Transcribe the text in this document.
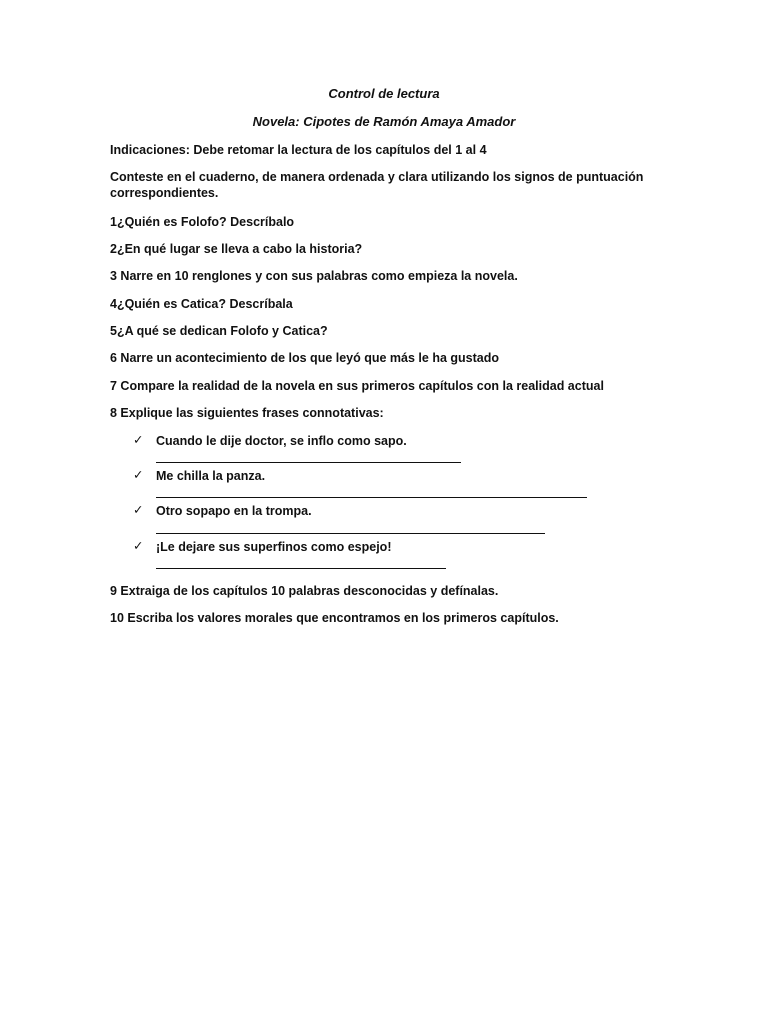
Control de lectura
Novela: Cipotes de Ramón Amaya Amador
Indicaciones: Debe retomar la lectura de los capítulos del 1 al 4
Conteste en el cuaderno, de manera ordenada y clara utilizando los signos de puntuación correspondientes.
1¿Quién es Folofo? Descríbalo
2¿En qué lugar se lleva a cabo la historia?
3 Narre en 10 renglones y con sus palabras como empieza la novela.
4¿Quién es Catica? Descríbala
5¿A qué se dedican Folofo y Catica?
6 Narre un acontecimiento de los que leyó que más le ha gustado
7 Compare la realidad de la novela en sus primeros capítulos con la realidad actual
8 Explique las siguientes frases connotativas:
✓ Cuando le dije doctor, se inflo como sapo.
✓ Me chilla la panza.
✓ Otro sopapo en la trompa.
✓ ¡Le dejare sus superfinos como espejo!
9 Extraiga de los capítulos 10 palabras desconocidas y defínalas.
10 Escriba los valores morales que encontramos en los primeros capítulos.
